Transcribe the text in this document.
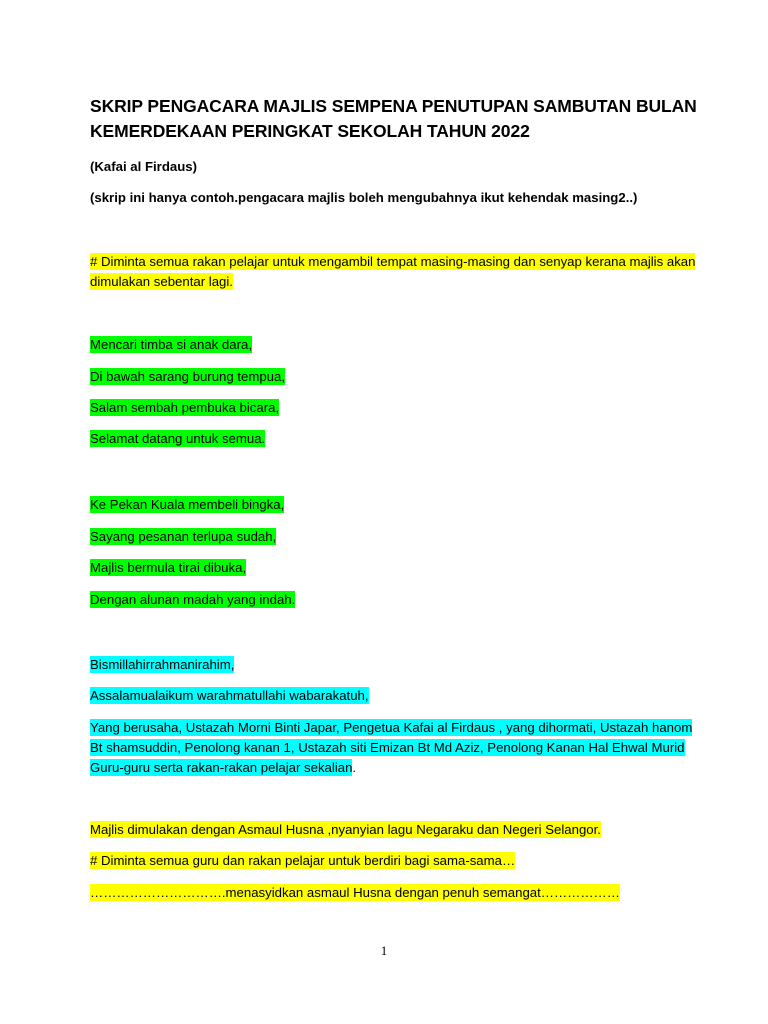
SKRIP PENGACARA MAJLIS SEMPENA PENUTUPAN SAMBUTAN BULAN KEMERDEKAAN PERINGKAT SEKOLAH TAHUN 2022

(Kafai al Firdaus)

(skrip ini hanya contoh.pengacara majlis boleh mengubahnya ikut kehendak masing2..)

# Diminta semua rakan pelajar untuk mengambil tempat masing-masing dan senyap kerana majlis akan dimulakan sebentar lagi.

Mencari timba si anak dara,

Di bawah sarang burung tempua,

Salam sembah pembuka bicara,

Selamat datang untuk semua.

Ke Pekan Kuala membeli bingka,

Sayang pesanan terlupa sudah,

Majlis bermula tirai dibuka,

Dengan alunan madah yang indah.

Bismillahirrahmanirahim,

Assalamualaikum warahmatullahi wabarakatuh,

Yang berusaha, Ustazah Morni Binti Japar, Pengetua Kafai al Firdaus , yang dihormati, Ustazah hanom Bt shamsuddin, Penolong kanan 1, Ustazah siti Emizan Bt Md Aziz, Penolong Kanan Hal Ehwal Murid Guru-guru serta rakan-rakan pelajar sekalian.

Majlis dimulakan dengan Asmaul Husna ,nyanyian lagu Negaraku dan Negeri Selangor.

# Diminta semua guru dan rakan pelajar untuk berdiri bagi sama-sama…

………………………….menasyidkan asmaul Husna dengan penuh semangat………………

1
